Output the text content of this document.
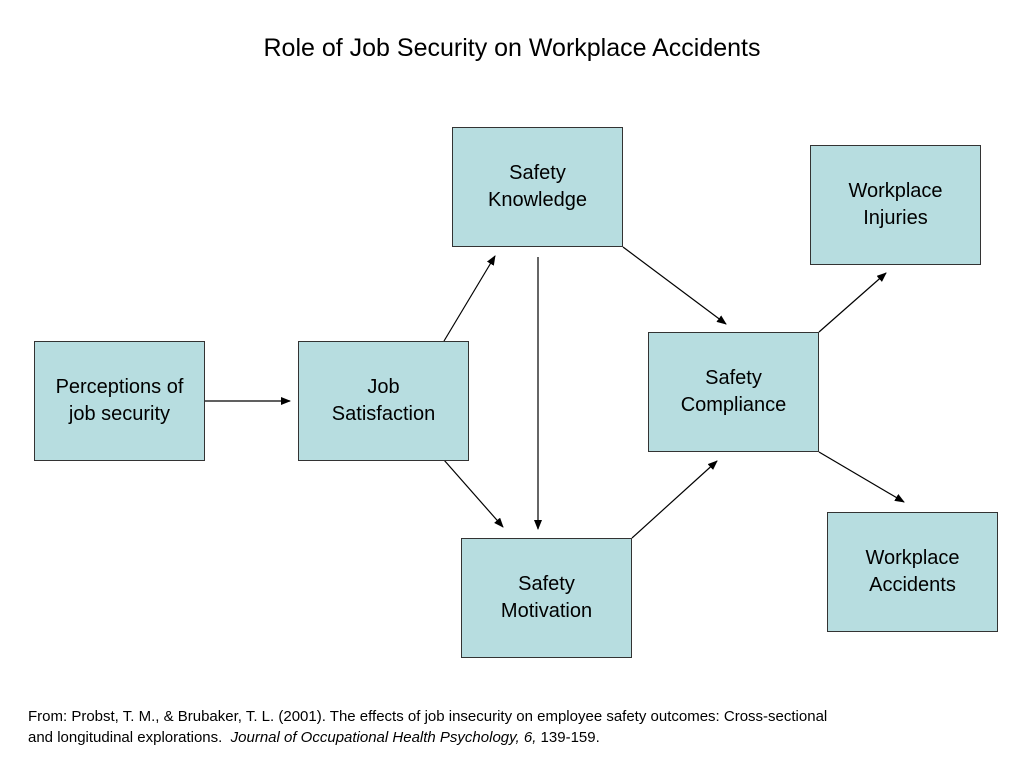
Role of Job Security on Workplace Accidents
Perceptions of
job security
Job
Satisfaction
Safety
Knowledge
Safety
Motivation
Safety
Compliance
Workplace
Injuries
Workplace
Accidents
From: Probst, T. M., & Brubaker, T. L. (2001). The effects of job insecurity on employee safety outcomes: Cross-sectional
and longitudinal explorations.  Journal of Occupational Health Psychology, 6, 139-159.
